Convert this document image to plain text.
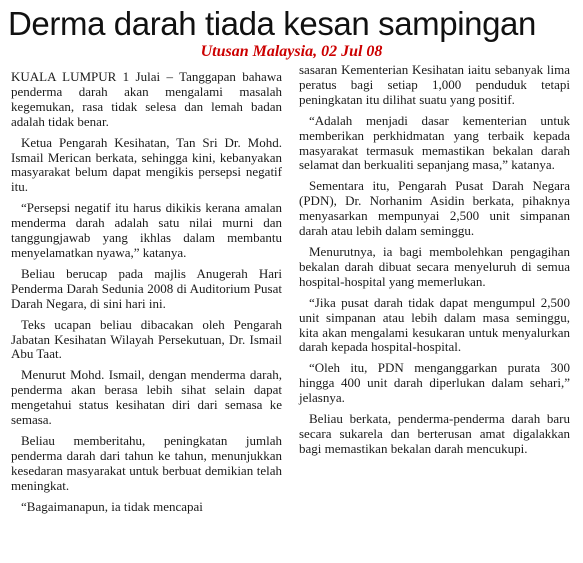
Derma darah tiada kesan sampingan
Utusan Malaysia, 02 Jul 08

KUALA LUMPUR 1 Julai – Tanggapan bahawa penderma darah akan mengalami masalah kegemukan, rasa tidak selesa dan lemah badan adalah tidak benar.

Ketua Pengarah Kesihatan, Tan Sri Dr. Mohd. Ismail Merican berkata, sehingga kini, kebanyakan masyarakat belum dapat mengikis persepsi negatif itu.

“Persepsi negatif itu harus dikikis kerana amalan menderma darah adalah satu nilai murni dan tanggungjawab yang ikhlas dalam membantu menyelamatkan nyawa,” katanya.

Beliau berucap pada majlis Anugerah Hari Penderma Darah Sedunia 2008 di Auditorium Pusat Darah Negara, di sini hari ini.

Teks ucapan beliau dibacakan oleh Pengarah Jabatan Kesihatan Wilayah Persekutuan, Dr. Ismail Abu Taat.

Menurut Mohd. Ismail, dengan menderma darah, penderma akan berasa lebih sihat selain dapat mengetahui status kesihatan diri dari semasa ke semasa.

Beliau memberitahu, peningkatan jumlah penderma darah dari tahun ke tahun, menunjukkan kesedaran masyarakat untuk berbuat demikian telah meningkat.

“Bagaimanapun, ia tidak mencapai

sasaran Kementerian Kesihatan iaitu sebanyak lima peratus bagi setiap 1,000 penduduk tetapi peningkatan itu dilihat suatu yang positif.

“Adalah menjadi dasar kementerian untuk memberikan perkhidmatan yang terbaik kepada masyarakat termasuk memastikan bekalan darah selamat dan berkualiti sepanjang masa,” katanya.

Sementara itu, Pengarah Pusat Darah Negara (PDN), Dr. Norhanim Asidin berkata, pihaknya menyasarkan mempunyai 2,500 unit simpanan darah atau lebih dalam seminggu.

Menurutnya, ia bagi membolehkan pengagihan bekalan darah dibuat secara menyeluruh di semua hospital-hospital yang memerlukan.

“Jika pusat darah tidak dapat mengumpul 2,500 unit simpanan atau lebih dalam masa seminggu, kita akan mengalami kesukaran untuk menyalurkan darah kepada hospital-hospital.

“Oleh itu, PDN menganggarkan purata 300 hingga 400 unit darah diperlukan dalam sehari,” jelasnya.

Beliau berkata, penderma-penderma darah baru secara sukarela dan berterusan amat digalakkan bagi memastikan bekalan darah mencukupi.
